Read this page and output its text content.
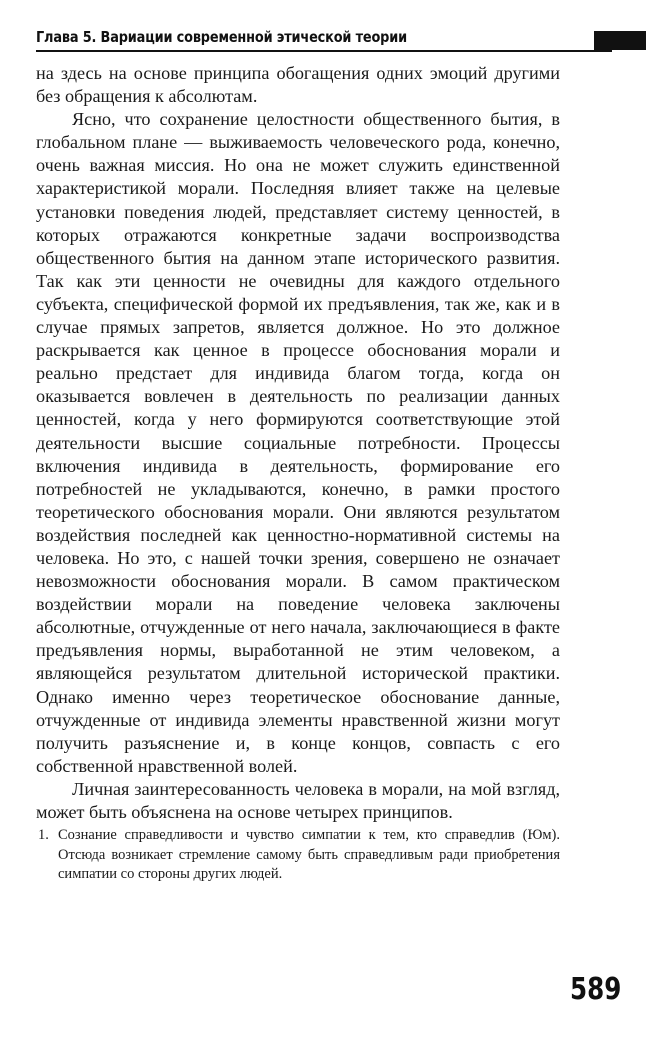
Глава 5. Вариации современной этической теории

на здесь на основе принципа обогащения одних эмоций другими без обращения к абсолютам.

Ясно, что сохранение целостности общественного бытия, в глобальном плане — выживаемость человеческого рода, конечно, очень важная миссия. Но она не может служить единственной характеристикой морали. Последняя влияет также на целевые установки поведения людей, представляет систему ценностей, в которых отражаются конкретные задачи воспроизводства общественного бытия на данном этапе исторического развития. Так как эти ценности не очевидны для каждого отдельного субъекта, специфической формой их предъявления, так же, как и в случае прямых запретов, является должное. Но это должное раскрывается как ценное в процессе обоснования морали и реально предстает для индивида благом тогда, когда он оказывается вовлечен в деятельность по реализации данных ценностей, когда у него формируются соответствующие этой деятельности высшие социальные потребности. Процессы включения индивида в деятельность, формирование его потребностей не укладываются, конечно, в рамки простого теоретического обоснования морали. Они являются результатом воздействия последней как ценностно-нормативной системы на человека. Но это, с нашей точки зрения, совершено не означает невозможности обоснования морали. В самом практическом воздействии морали на поведение человека заключены абсолютные, отчужденные от него начала, заключающиеся в факте предъявления нормы, выработанной не этим человеком, а являющейся результатом длительной исторической практики. Однако именно через теоретическое обоснование данные, отчужденные от индивида элементы нравственной жизни могут получить разъяснение и, в конце концов, совпасть с его собственной нравственной волей.

Личная заинтересованность человека в морали, на мой взгляд, может быть объяснена на основе четырех принципов.

1. Сознание справедливости и чувство симпатии к тем, кто справедлив (Юм). Отсюда возникает стремление самому быть справедливым ради приобретения симпатии со стороны других людей.
589
